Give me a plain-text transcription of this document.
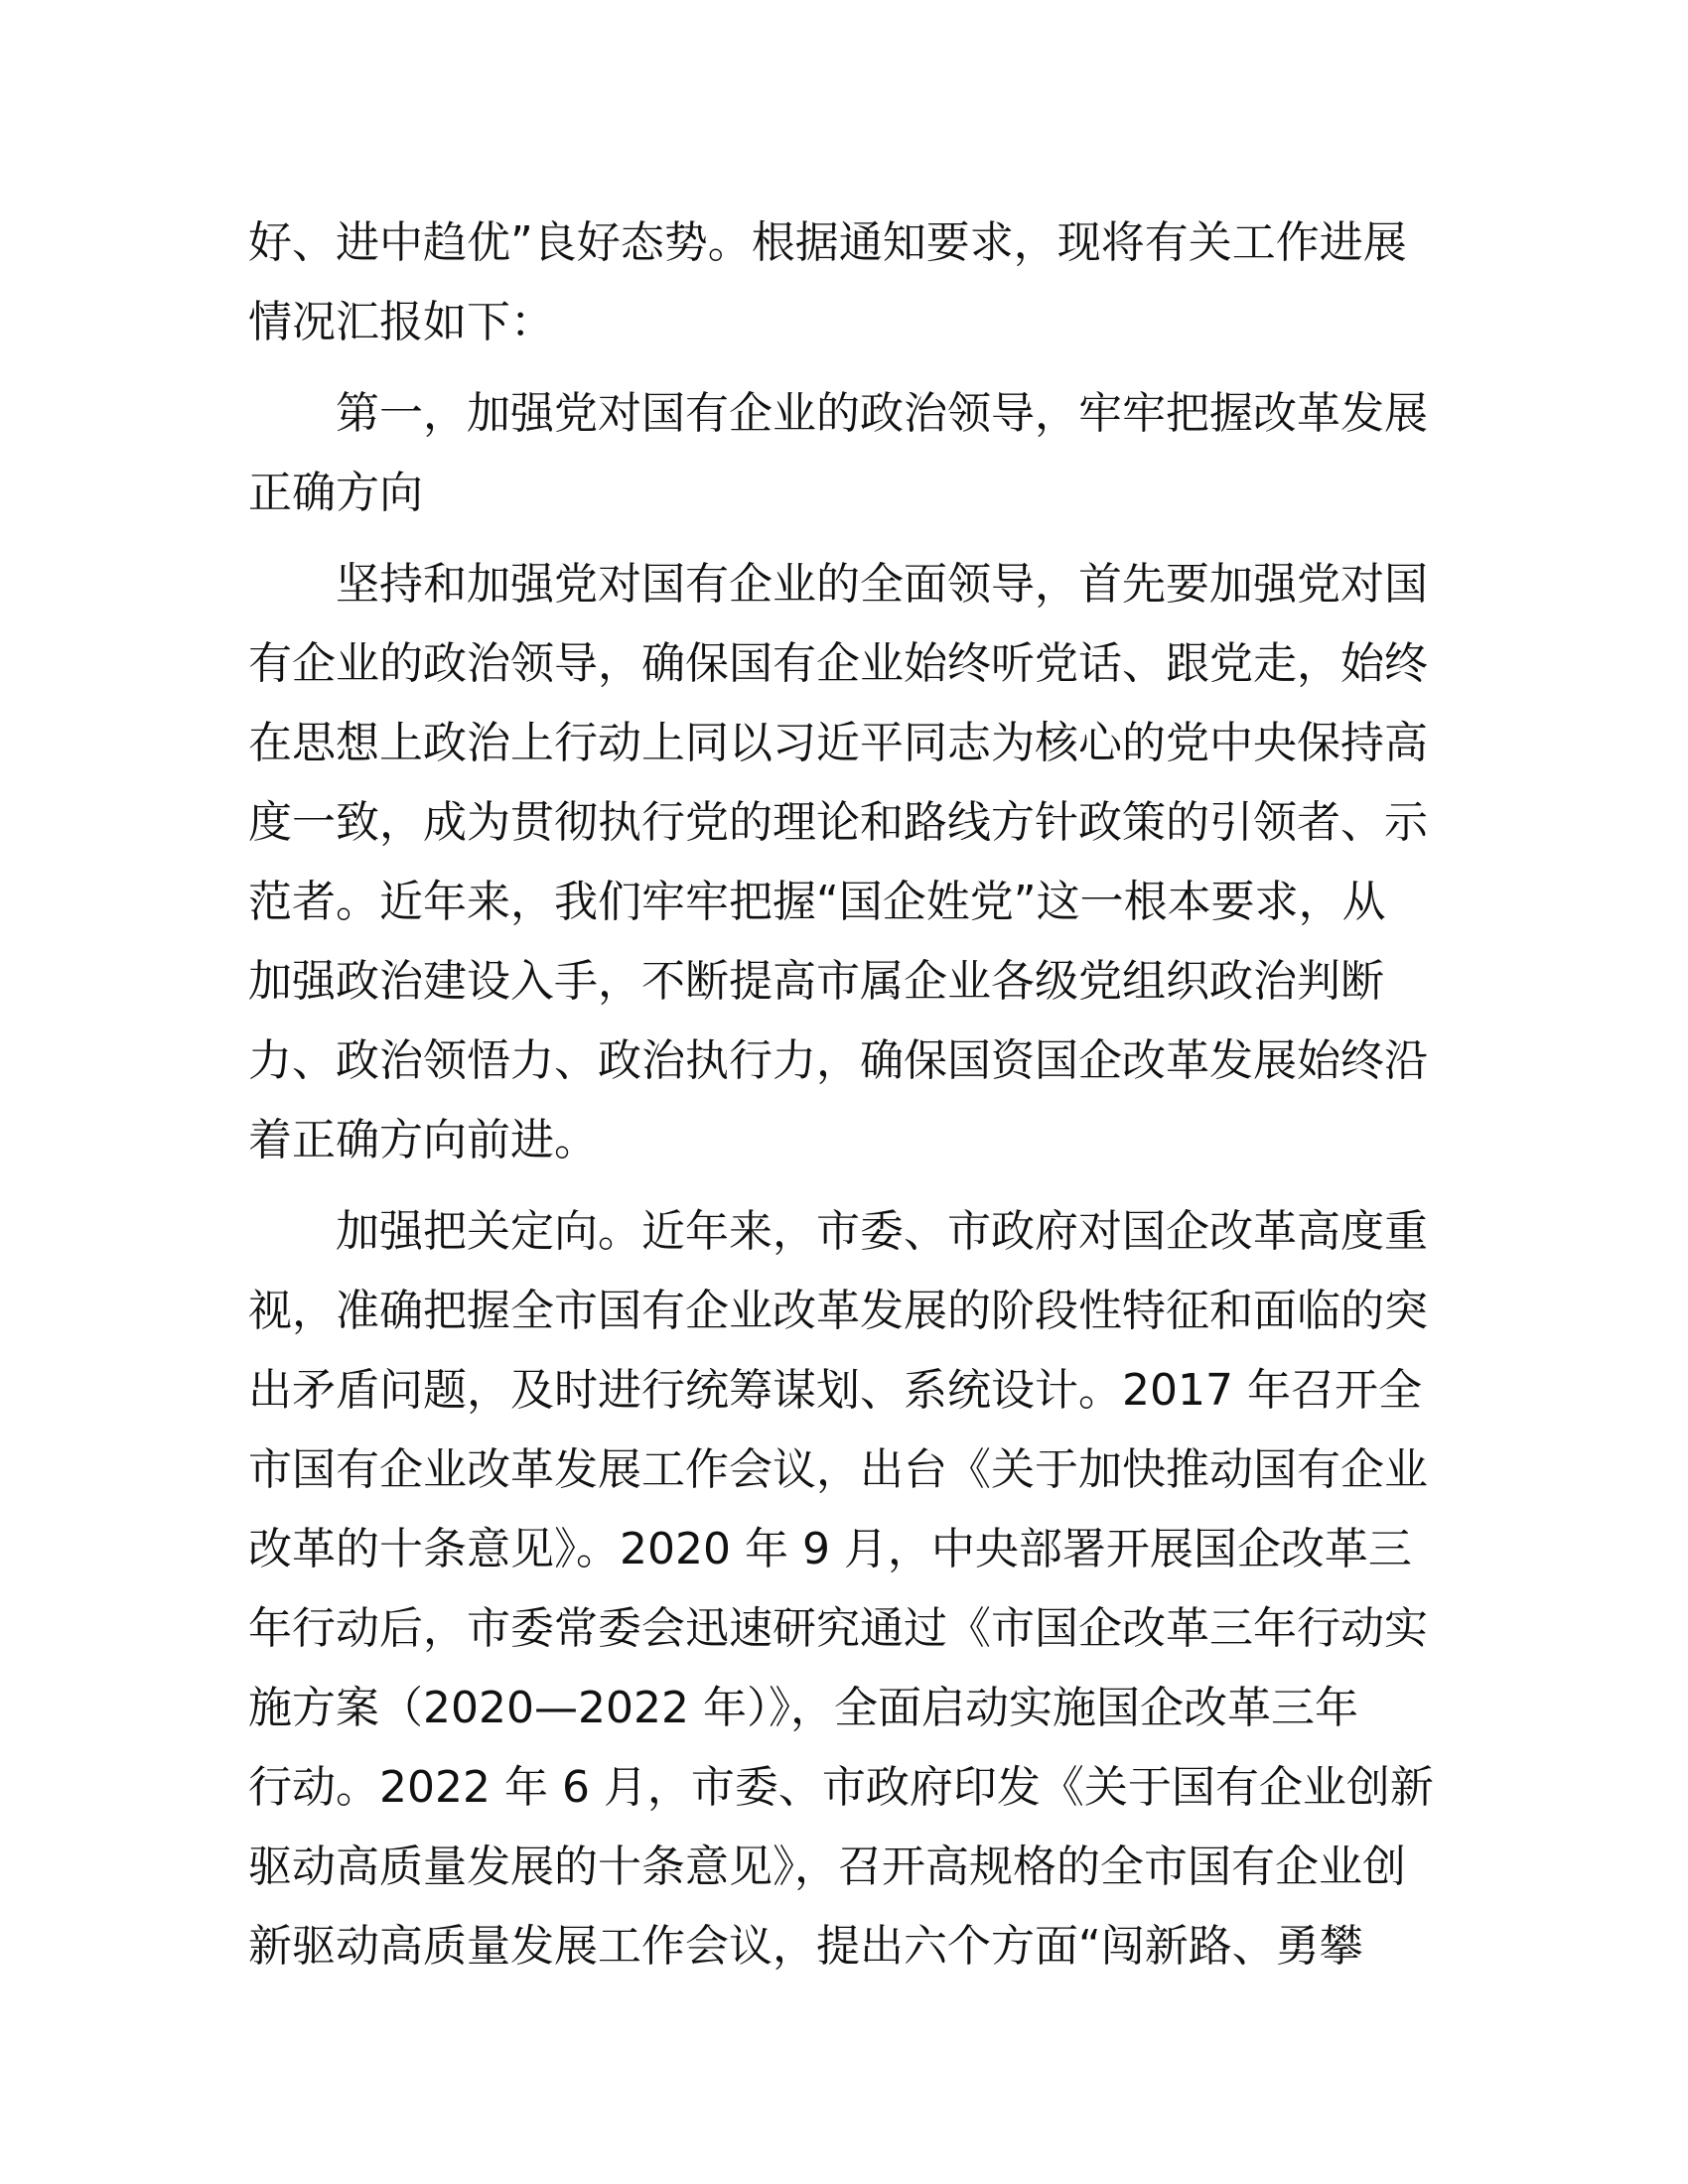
好、进中趋优”良好态势。根据通知要求，现将有关工作进展
情况汇报如下：
第一，加强党对国有企业的政治领导，牢牢把握改革发展
正确方向
坚持和加强党对国有企业的全面领导，首先要加强党对国
有企业的政治领导，确保国有企业始终听党话、跟党走，始终
在思想上政治上行动上同以习近平同志为核心的党中央保持高
度一致，成为贯彻执行党的理论和路线方针政策的引领者、示
范者。近年来，我们牢牢把握“国企姓党”这一根本要求，从
加强政治建设入手，不断提高市属企业各级党组织政治判断
力、政治领悟力、政治执行力，确保国资国企改革发展始终沿
着正确方向前进。
加强把关定向。近年来，市委、市政府对国企改革高度重
视，准确把握全市国有企业改革发展的阶段性特征和面临的突
出矛盾问题，及时进行统筹谋划、系统设计。2017 年召开全
市国有企业改革发展工作会议，出台《关于加快推动国有企业
改革的十条意见》。2020 年 9 月，中央部署开展国企改革三
年行动后，市委常委会迅速研究通过《市国企改革三年行动实
施方案（2020—2022 年）》，全面启动实施国企改革三年
行动。2022 年 6 月，市委、市政府印发《关于国有企业创新
驱动高质量发展的十条意见》，召开高规格的全市国有企业创
新驱动高质量发展工作会议，提出六个方面“闯新路、勇攀
